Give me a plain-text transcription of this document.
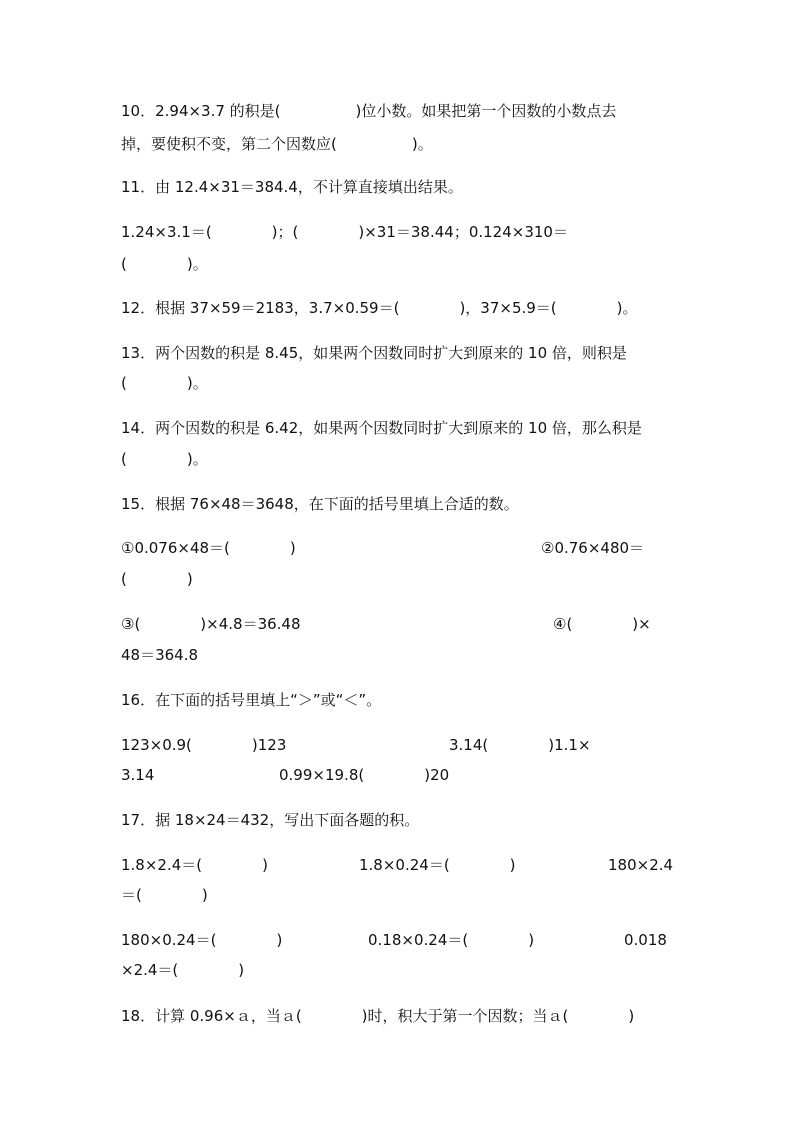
10．2.94×3.7 的积是(　　　　　)位小数。如果把第一个因数的小数点去
掉，要使积不变，第二个因数应(　　　　　)。
11．由 12.4×31＝384.4，不计算直接填出结果。
1.24×3.1＝(　　　　)；(　　　　)×31＝38.44；0.124×310＝
(　　　　)。
12．根据 37×59＝2183，3.7×0.59＝(　　　　)，37×5.9＝(　　　　)。
13．两个因数的积是 8.45，如果两个因数同时扩大到原来的 10 倍，则积是
(　　　　)。
14．两个因数的积是 6.42，如果两个因数同时扩大到原来的 10 倍，那么积是
(　　　　)。
15．根据 76×48＝3648，在下面的括号里填上合适的数。
①0.076×48＝(　　　　)	②0.76×480＝
(　　　　)
③(　　　　)×4.8＝36.48	④(　　　　)×
48＝364.8
16．在下面的括号里填上“＞”或“＜”。
123×0.9(　　　　)123	3.14(　　　　)1.1×
3.14	0.99×19.8(　　　　)20
17．据 18×24＝432，写出下面各题的积。
1.8×2.4＝(　　　　)	1.8×0.24＝(　　　　)	180×2.4
＝(　　　　)
180×0.24＝(　　　　)	0.18×0.24＝(　　　　)	0.018
×2.4＝(　　　　)
18．计算 0.96×ａ，当ａ(　　　　)时，积大于第一个因数；当ａ(　　　　)
